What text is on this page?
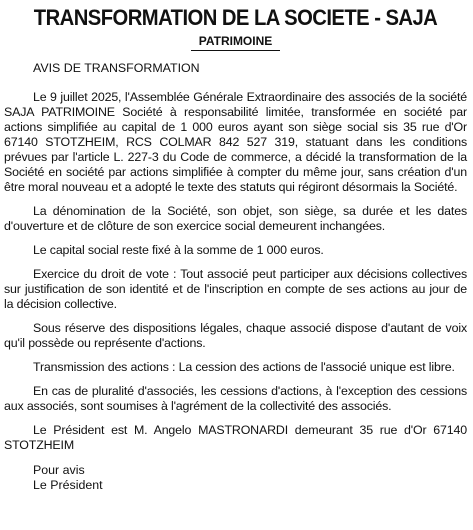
TRANSFORMATION DE LA SOCIETE - SAJA
PATRIMOINE
AVIS DE TRANSFORMATION

Le 9 juillet 2025, l'Assemblée Générale Extraordinaire des associés de la société SAJA PATRIMOINE Société à responsabilité limitée, transformée en société par actions simplifiée au capital de 1 000 euros ayant son siège social sis 35 rue d'Or 67140 STOTZHEIM, RCS COLMAR 842 527 319, statuant dans les conditions prévues par l'article L. 227-3 du Code de commerce, a décidé la transformation de la Société en société par actions simplifiée à compter du même jour, sans création d'un être moral nouveau et a adopté le texte des statuts qui régiront désormais la Société.

La dénomination de la Société, son objet, son siège, sa durée et les dates d'ouverture et de clôture de son exercice social demeurent inchangées.

Le capital social reste fixé à la somme de 1 000 euros.

Exercice du droit de vote : Tout associé peut participer aux décisions collectives sur justification de son identité et de l'inscription en compte de ses actions au jour de la décision collective.

Sous réserve des dispositions légales, chaque associé dispose d'autant de voix qu'il possède ou représente d'actions.

Transmission des actions : La cession des actions de l'associé unique est libre.

En cas de pluralité d'associés, les cessions d'actions, à l'exception des cessions aux associés, sont soumises à l'agrément de la collectivité des associés.

Le Président est M. Angelo MASTRONARDI demeurant 35 rue d'Or 67140 STOTZHEIM

Pour avis
Le Président
